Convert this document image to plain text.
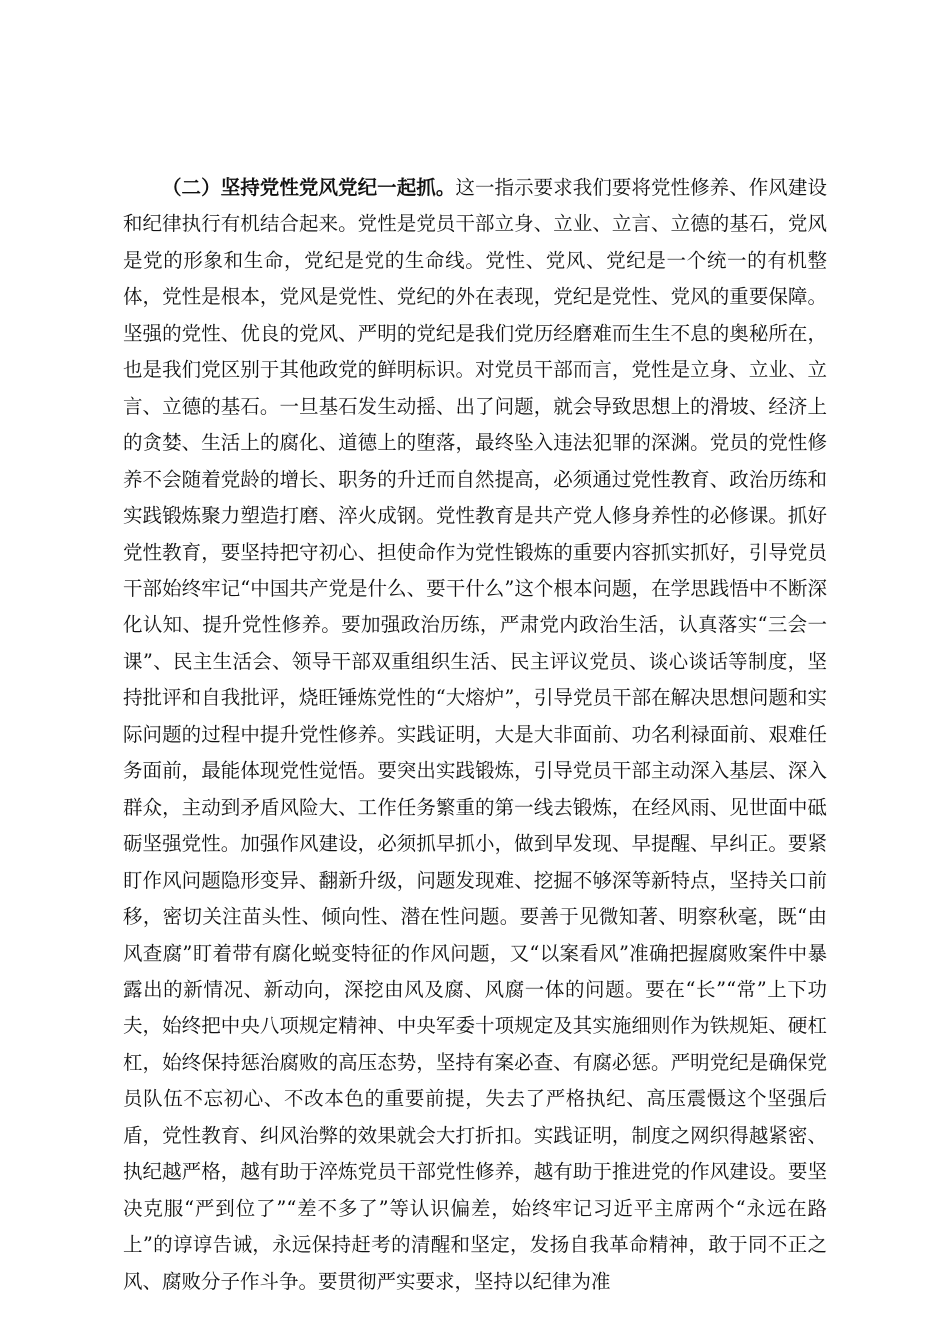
（二）坚持党性党风党纪一起抓。这一指示要求我们要将党性修养、作风建设和纪律执行有机结合起来。党性是党员干部立身、立业、立言、立德的基石，党风是党的形象和生命，党纪是党的生命线。党性、党风、党纪是一个统一的有机整体，党性是根本，党风是党性、党纪的外在表现，党纪是党性、党风的重要保障。坚强的党性、优良的党风、严明的党纪是我们党历经磨难而生生不息的奥秘所在，也是我们党区别于其他政党的鲜明标识。对党员干部而言，党性是立身、立业、立言、立德的基石。一旦基石发生动摇、出了问题，就会导致思想上的滑坡、经济上的贪婪、生活上的腐化、道德上的堕落，最终坠入违法犯罪的深渊。党员的党性修养不会随着党龄的增长、职务的升迁而自然提高，必须通过党性教育、政治历练和实践锻炼聚力塑造打磨、淬火成钢。党性教育是共产党人修身养性的必修课。抓好党性教育，要坚持把守初心、担使命作为党性锻炼的重要内容抓实抓好，引导党员干部始终牢记“中国共产党是什么、要干什么”这个根本问题，在学思践悟中不断深化认知、提升党性修养。要加强政治历练，严肃党内政治生活，认真落实“三会一课”、民主生活会、领导干部双重组织生活、民主评议党员、谈心谈话等制度，坚持批评和自我批评，烧旺锤炼党性的“大熔炉”，引导党员干部在解决思想问题和实际问题的过程中提升党性修养。实践证明，大是大非面前、功名利禄面前、艰难任务面前，最能体现党性觉悟。要突出实践锻炼，引导党员干部主动深入基层、深入群众，主动到矛盾风险大、工作任务繁重的第一线去锻炼，在经风雨、见世面中砥砺坚强党性。加强作风建设，必须抓早抓小，做到早发现、早提醒、早纠正。要紧盯作风问题隐形变异、翻新升级，问题发现难、挖掘不够深等新特点，坚持关口前移，密切关注苗头性、倾向性、潜在性问题。要善于见微知著、明察秋毫，既“由风查腐”盯着带有腐化蜕变特征的作风问题，又“以案看风”准确把握腐败案件中暴露出的新情况、新动向，深挖由风及腐、风腐一体的问题。要在“长”“常”上下功夫，始终把中央八项规定精神、中央军委十项规定及其实施细则作为铁规矩、硬杠杠，始终保持惩治腐败的高压态势，坚持有案必查、有腐必惩。严明党纪是确保党员队伍不忘初心、不改本色的重要前提，失去了严格执纪、高压震慑这个坚强后盾，党性教育、纠风治弊的效果就会大打折扣。实践证明，制度之网织得越紧密、执纪越严格，越有助于淬炼党员干部党性修养，越有助于推进党的作风建设。要坚决克服“严到位了”“差不多了”等认识偏差，始终牢记习近平主席两个“永远在路上”的谆谆告诫，永远保持赶考的清醒和坚定，发扬自我革命精神，敢于同不正之风、腐败分子作斗争。要贯彻严实要求，坚持以纪律为准
